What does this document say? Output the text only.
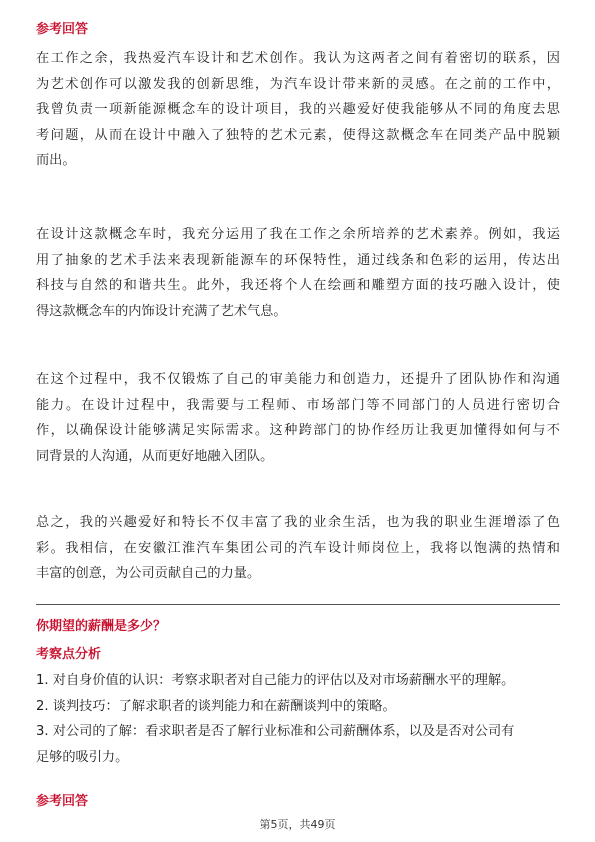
参考回答
在工作之余，我热爱汽车设计和艺术创作。我认为这两者之间有着密切的联系，因
为艺术创作可以激发我的创新思维，为汽车设计带来新的灵感。在之前的工作中，
我曾负责一项新能源概念车的设计项目，我的兴趣爱好使我能够从不同的角度去思
考问题，从而在设计中融入了独特的艺术元素，使得这款概念车在同类产品中脱颖
而出。
在设计这款概念车时，我充分运用了我在工作之余所培养的艺术素养。例如，我运
用了抽象的艺术手法来表现新能源车的环保特性，通过线条和色彩的运用，传达出
科技与自然的和谐共生。此外，我还将个人在绘画和雕塑方面的技巧融入设计，使
得这款概念车的内饰设计充满了艺术气息。
在这个过程中，我不仅锻炼了自己的审美能力和创造力，还提升了团队协作和沟通
能力。在设计过程中，我需要与工程师、市场部门等不同部门的人员进行密切合
作，以确保设计能够满足实际需求。这种跨部门的协作经历让我更加懂得如何与不
同背景的人沟通，从而更好地融入团队。
总之，我的兴趣爱好和特长不仅丰富了我的业余生活，也为我的职业生涯增添了色
彩。我相信，在安徽江淮汽车集团公司的汽车设计师岗位上，我将以饱满的热情和
丰富的创意，为公司贡献自己的力量。
你期望的薪酬是多少？
考察点分析
1. 对自身价值的认识：考察求职者对自己能力的评估以及对市场薪酬水平的理解。
2. 谈判技巧：了解求职者的谈判能力和在薪酬谈判中的策略。
3. 对公司的了解：看求职者是否了解行业标准和公司薪酬体系，以及是否对公司有
足够的吸引力。
参考回答
第5页，共49页
